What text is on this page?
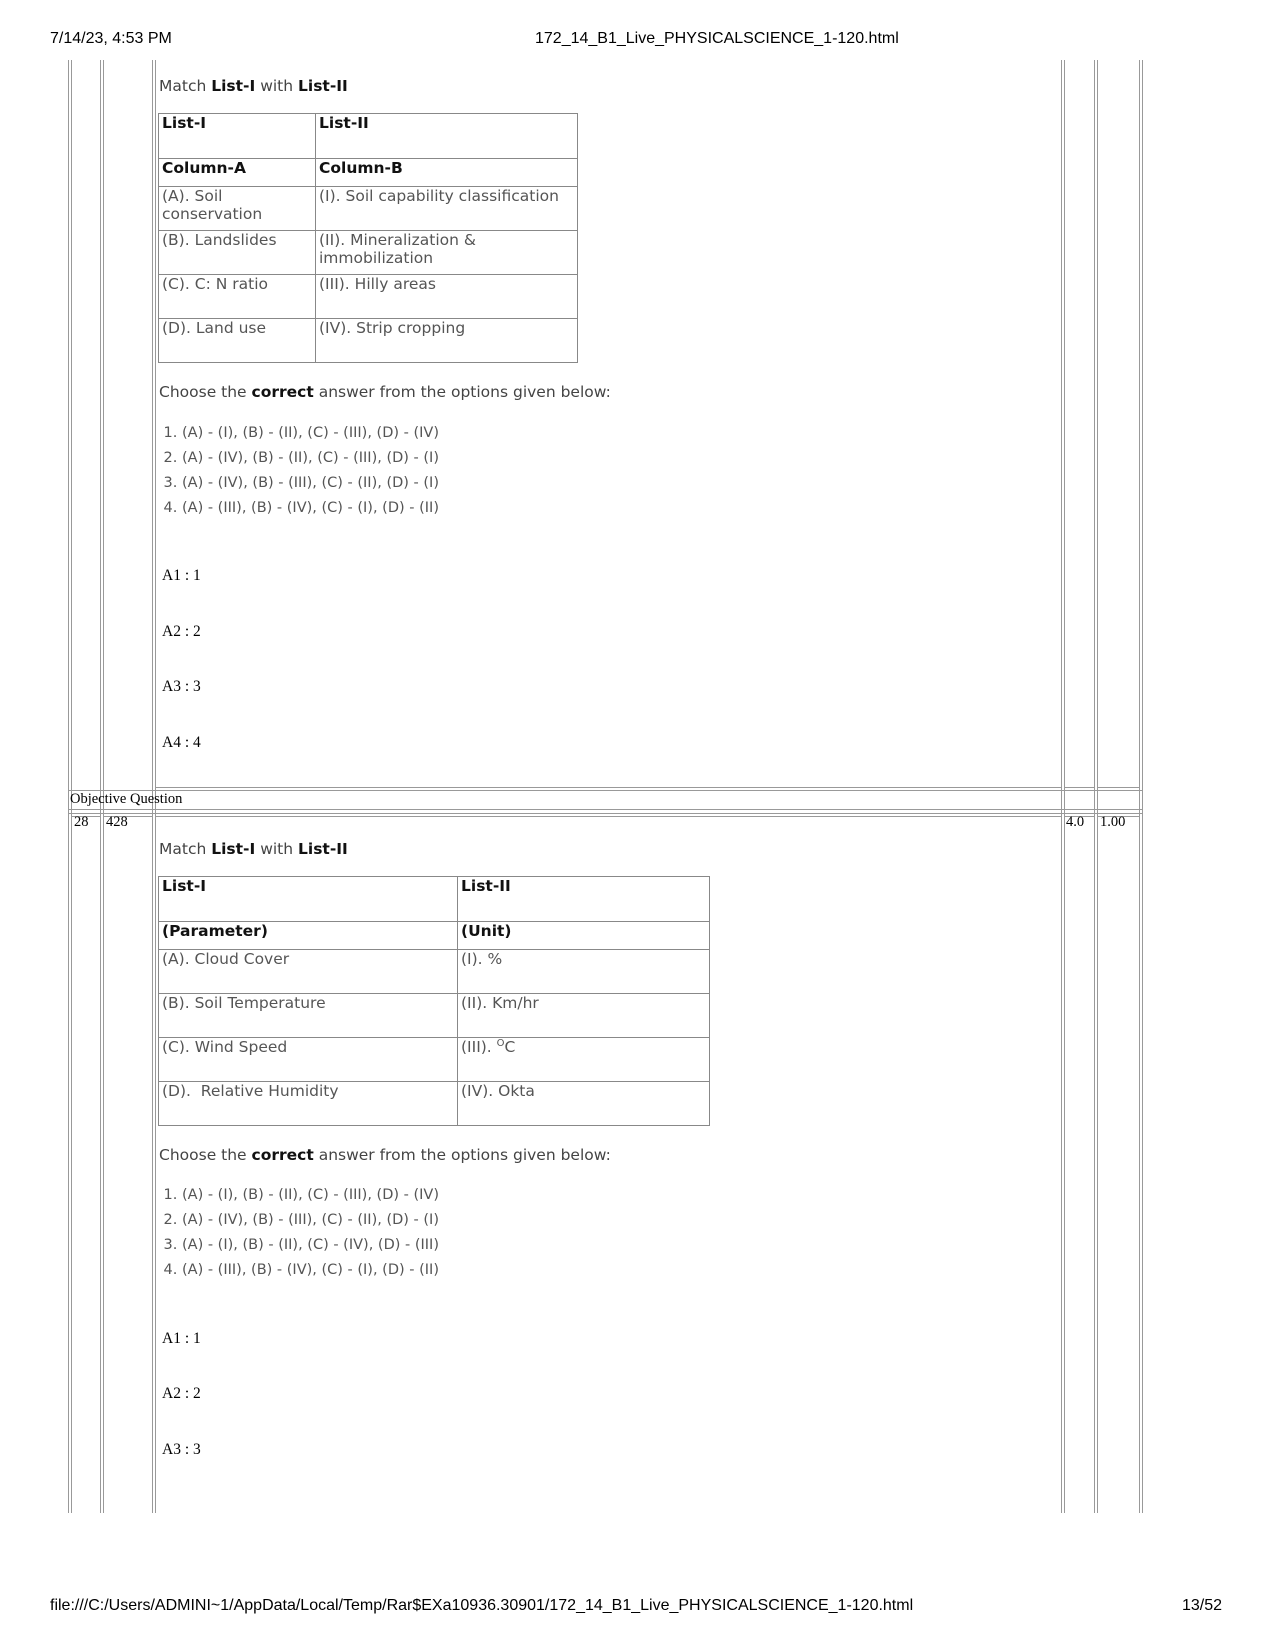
7/14/23, 4:53 PM	172_14_B1_Live_PHYSICALSCIENCE_1-120.html
Match List-I with List-II
List-I	List-II
Column-A	Column-B
(A). Soil conservation	(I). Soil capability classification
(B). Landslides	(II). Mineralization & immobilization
(C). C: N ratio	(III). Hilly areas
(D). Land use	(IV). Strip cropping
Choose the correct answer from the options given below:
1. (A) - (I), (B) - (II), (C) - (III), (D) - (IV)
2. (A) - (IV), (B) - (II), (C) - (III), (D) - (I)
3. (A) - (IV), (B) - (III), (C) - (II), (D) - (I)
4. (A) - (III), (B) - (IV), (C) - (I), (D) - (II)
A1 : 1
A2 : 2
A3 : 3
A4 : 4
Objective Question
28 428	4.0 1.00
Match List-I with List-II
List-I	List-II
(Parameter)	(Unit)
(A). Cloud Cover	(I). %
(B). Soil Temperature	(II). Km/hr
(C). Wind Speed	(III). $^O$C
(D).  Relative Humidity	(IV). Okta
Choose the correct answer from the options given below:
1. (A) - (I), (B) - (II), (C) - (III), (D) - (IV)
2. (A) - (IV), (B) - (III), (C) - (II), (D) - (I)
3. (A) - (I), (B) - (II), (C) - (IV), (D) - (III)
4. (A) - (III), (B) - (IV), (C) - (I), (D) - (II)
A1 : 1
A2 : 2
A3 : 3
file:///C:/Users/ADMINI~1/AppData/Local/Temp/Rar$EXa10936.30901/172_14_B1_Live_PHYSICALSCIENCE_1-120.html	13/52
